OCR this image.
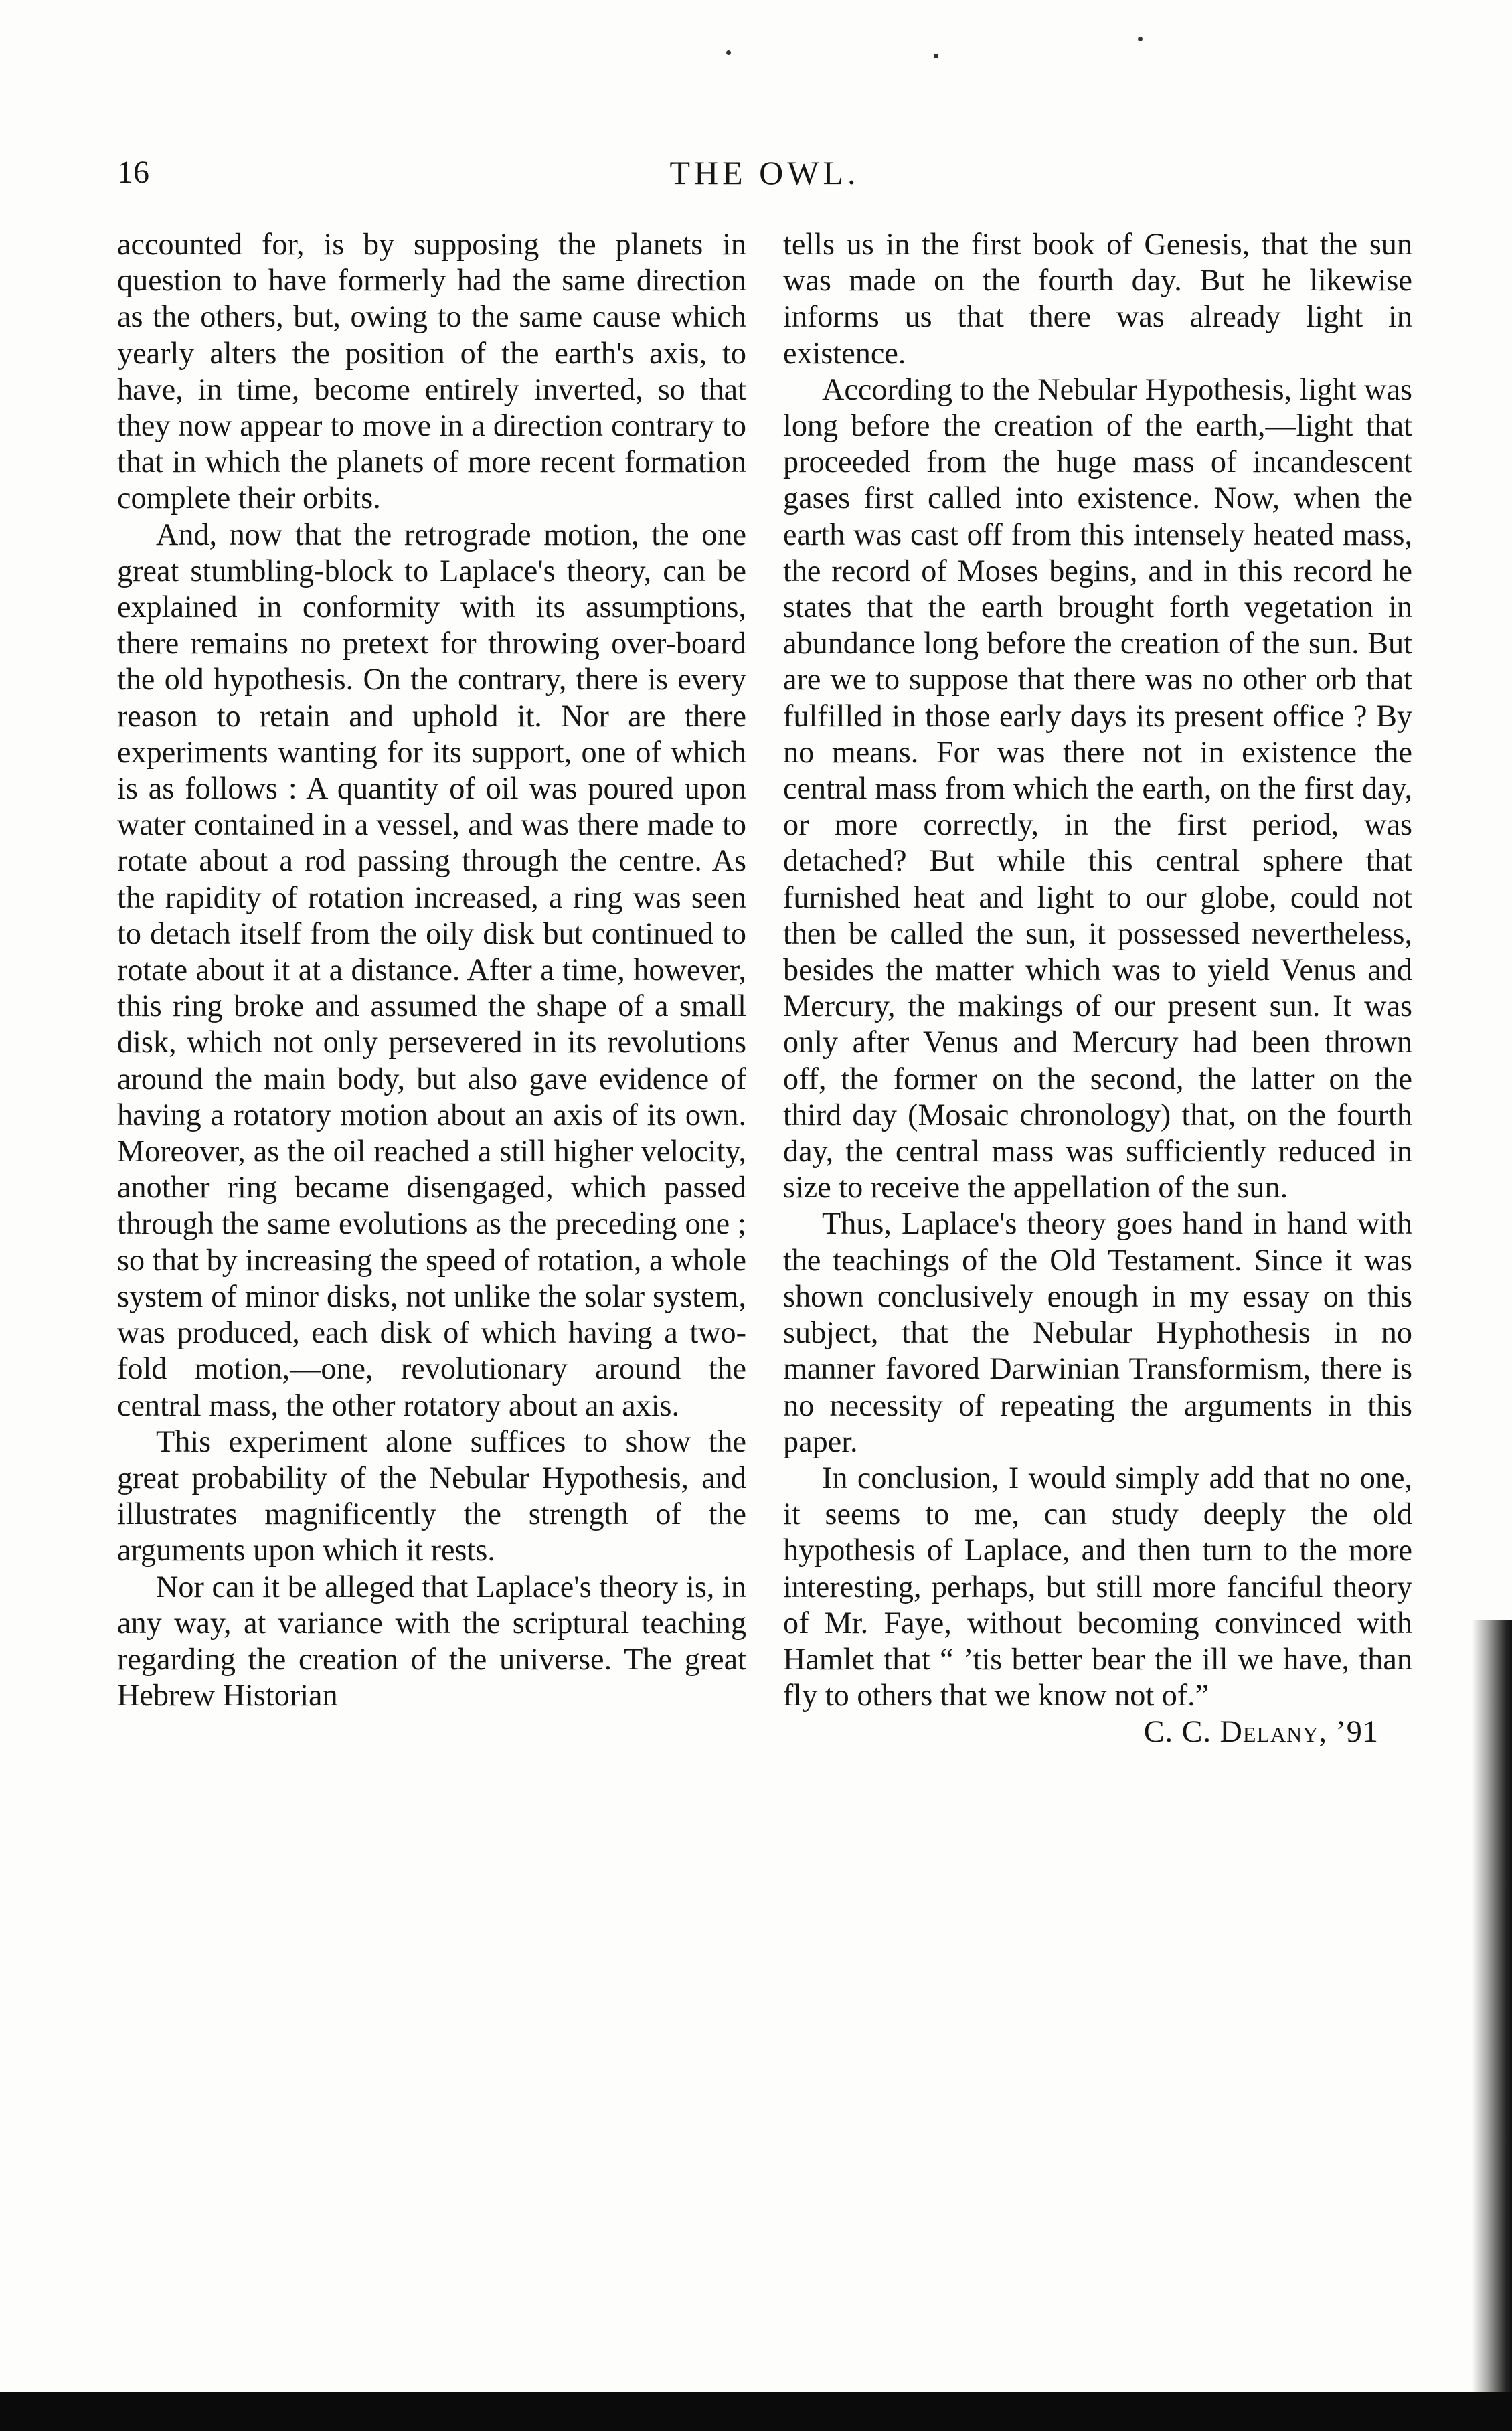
16	THE OWL.

accounted for, is by supposing the planets in question to have formerly had the same direction as the others, but, owing to the same cause which yearly alters the position of the earth's axis, to have, in time, become entirely inverted, so that they now appear to move in a direction contrary to that in which the planets of more recent formation complete their orbits.

And, now that the retrograde motion, the one great stumbling-block to Laplace's theory, can be explained in conformity with its assumptions, there remains no pretext for throwing over-board the old hypothesis. On the contrary, there is every reason to retain and uphold it. Nor are there experiments wanting for its support, one of which is as follows : A quantity of oil was poured upon water contained in a vessel, and was there made to rotate about a rod passing through the centre. As the rapidity of rotation increased, a ring was seen to detach itself from the oily disk but continued to rotate about it at a distance. After a time, however, this ring broke and assumed the shape of a small disk, which not only persevered in its revolutions around the main body, but also gave evidence of having a rotatory motion about an axis of its own. Moreover, as the oil reached a still higher velocity, another ring became disengaged, which passed through the same evolutions as the preceding one ; so that by increasing the speed of rotation, a whole system of minor disks, not unlike the solar system, was produced, each disk of which having a two-fold motion,—one, revolutionary around the central mass, the other rotatory about an axis.

This experiment alone suffices to show the great probability of the Nebular Hypothesis, and illustrates magnificently the strength of the arguments upon which it rests.

Nor can it be alleged that Laplace's theory is, in any way, at variance with the scriptural teaching regarding the creation of the universe. The great Hebrew Historian

tells us in the first book of Genesis, that the sun was made on the fourth day. But he likewise informs us that there was already light in existence.

According to the Nebular Hypothesis, light was long before the creation of the earth,—light that proceeded from the huge mass of incandescent gases first called into existence. Now, when the earth was cast off from this intensely heated mass, the record of Moses begins, and in this record he states that the earth brought forth vegetation in abundance long before the creation of the sun. But are we to suppose that there was no other orb that fulfilled in those early days its present office ? By no means. For was there not in existence the central mass from which the earth, on the first day, or more correctly, in the first period, was detached? But while this central sphere that furnished heat and light to our globe, could not then be called the sun, it possessed nevertheless, besides the matter which was to yield Venus and Mercury, the makings of our present sun. It was only after Venus and Mercury had been thrown off, the former on the second, the latter on the third day (Mosaic chronology) that, on the fourth day, the central mass was sufficiently reduced in size to receive the appellation of the sun.

Thus, Laplace's theory goes hand in hand with the teachings of the Old Testament. Since it was shown conclusively enough in my essay on this subject, that the Nebular Hyphothesis in no manner favored Darwinian Transformism, there is no necessity of repeating the arguments in this paper.

In conclusion, I would simply add that no one, it seems to me, can study deeply the old hypothesis of Laplace, and then turn to the more interesting, perhaps, but still more fanciful theory of Mr. Faye, without becoming convinced with Hamlet that “ ’tis better bear the ill we have, than fly to others that we know not of.”

C. C. Delany, ’91
